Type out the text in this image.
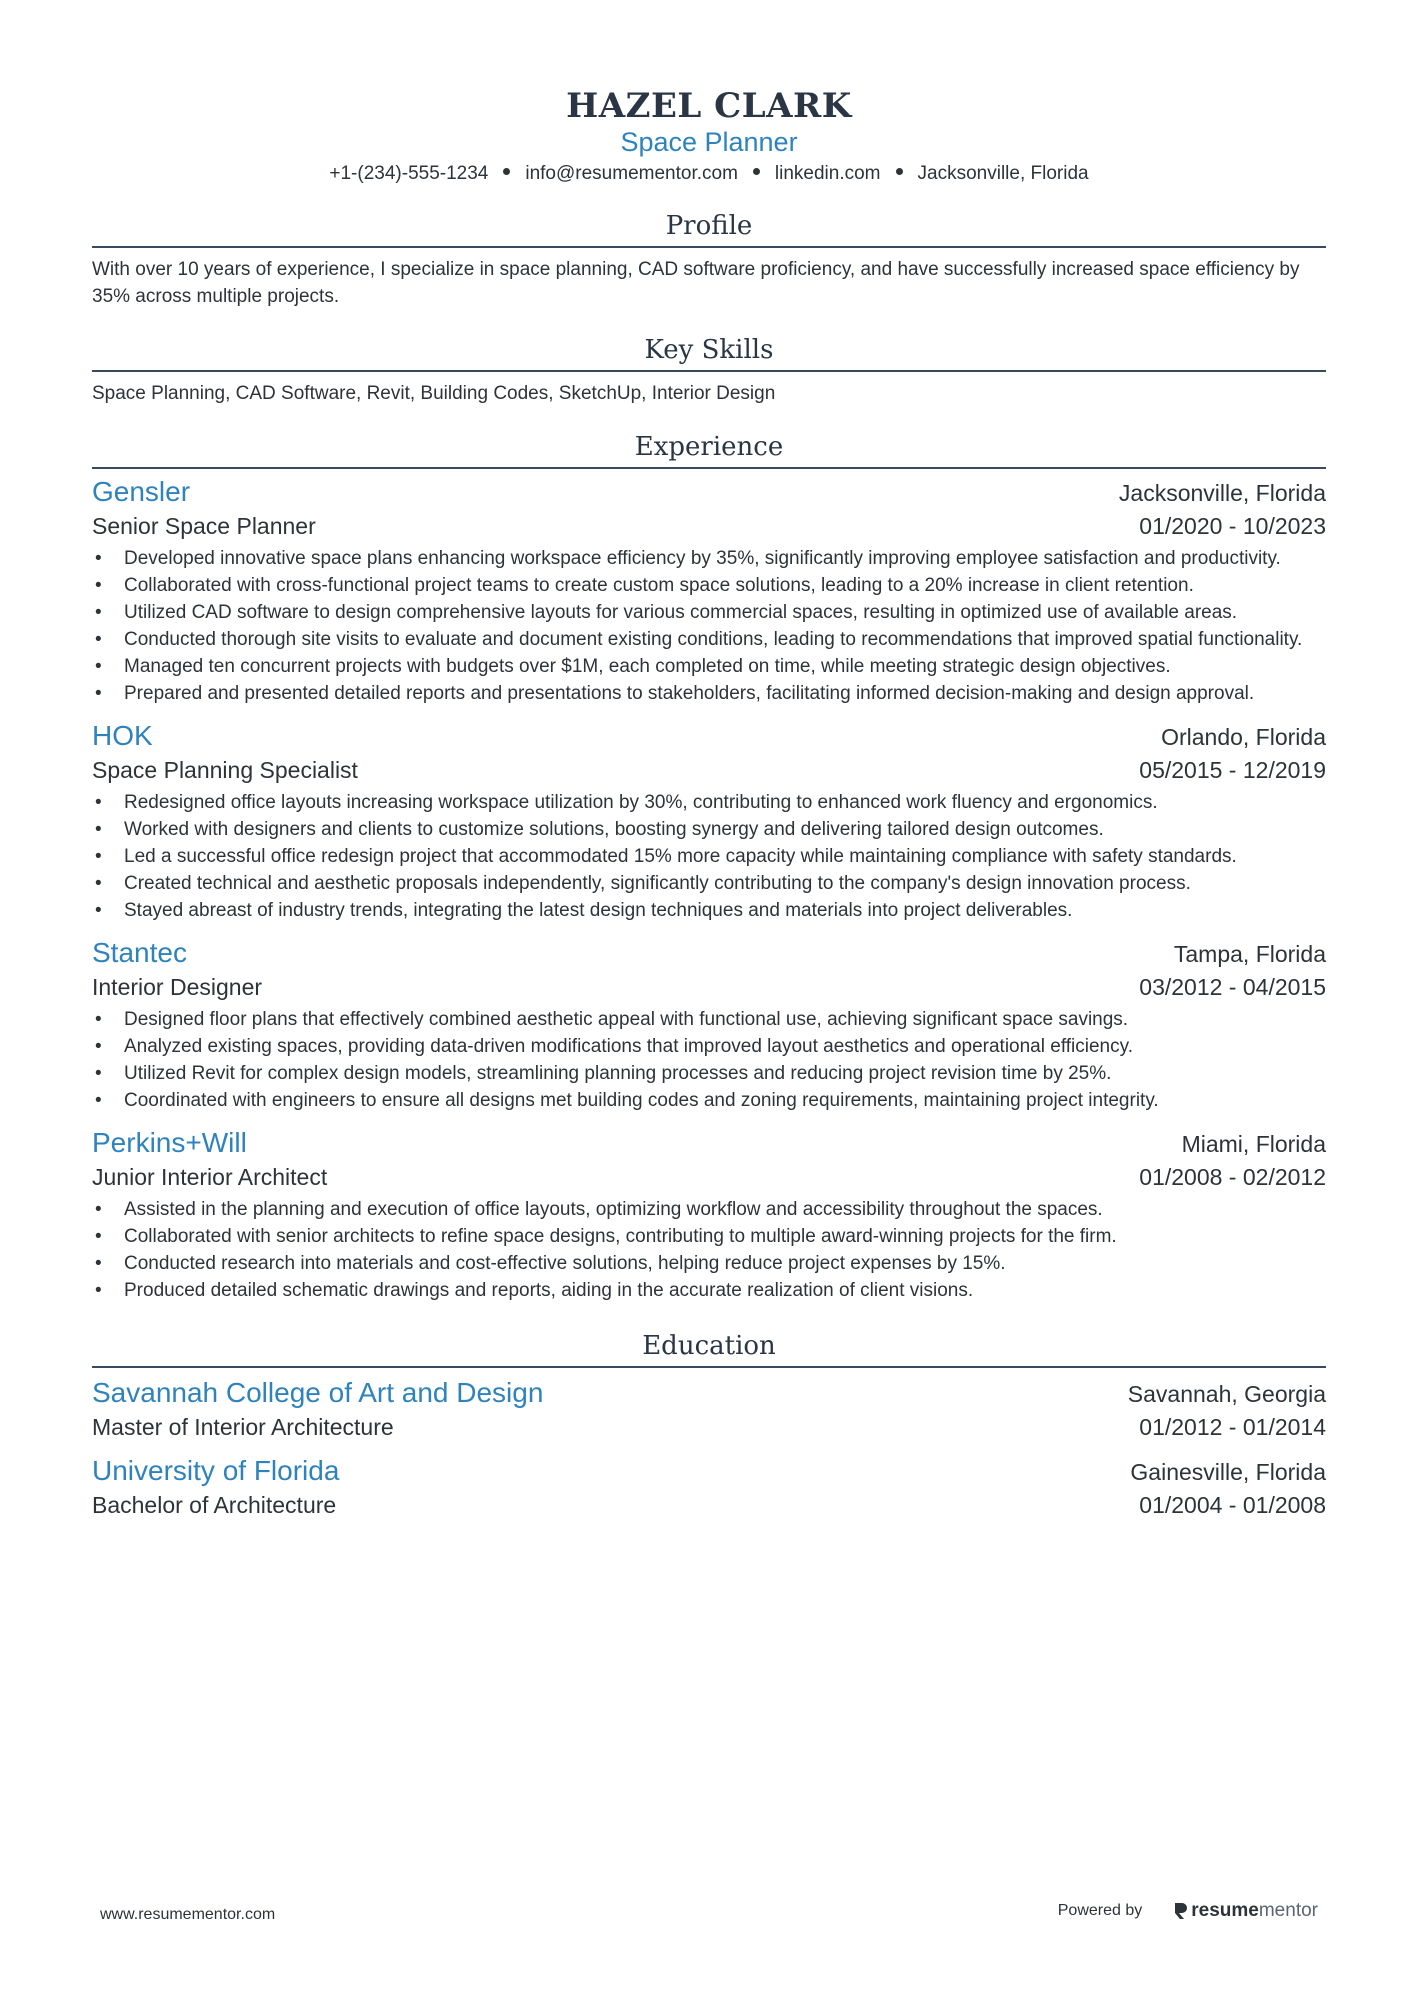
HAZEL CLARK
Space Planner
+1-(234)-555-1234 info@resumementor.com linkedin.com Jacksonville, Florida
Profile
With over 10 years of experience, I specialize in space planning, CAD software proficiency, and have successfully increased space efficiency by 35% across multiple projects.
Key Skills
Space Planning, CAD Software, Revit, Building Codes, SketchUp, Interior Design
Experience
Gensler	Jacksonville, Florida
Senior Space Planner	01/2020 - 10/2023
• Developed innovative space plans enhancing workspace efficiency by 35%, significantly improving employee satisfaction and productivity.
• Collaborated with cross-functional project teams to create custom space solutions, leading to a 20% increase in client retention.
• Utilized CAD software to design comprehensive layouts for various commercial spaces, resulting in optimized use of available areas.
• Conducted thorough site visits to evaluate and document existing conditions, leading to recommendations that improved spatial functionality.
• Managed ten concurrent projects with budgets over $1M, each completed on time, while meeting strategic design objectives.
• Prepared and presented detailed reports and presentations to stakeholders, facilitating informed decision-making and design approval.
HOK	Orlando, Florida
Space Planning Specialist	05/2015 - 12/2019
• Redesigned office layouts increasing workspace utilization by 30%, contributing to enhanced work fluency and ergonomics.
• Worked with designers and clients to customize solutions, boosting synergy and delivering tailored design outcomes.
• Led a successful office redesign project that accommodated 15% more capacity while maintaining compliance with safety standards.
• Created technical and aesthetic proposals independently, significantly contributing to the company's design innovation process.
• Stayed abreast of industry trends, integrating the latest design techniques and materials into project deliverables.
Stantec	Tampa, Florida
Interior Designer	03/2012 - 04/2015
• Designed floor plans that effectively combined aesthetic appeal with functional use, achieving significant space savings.
• Analyzed existing spaces, providing data-driven modifications that improved layout aesthetics and operational efficiency.
• Utilized Revit for complex design models, streamlining planning processes and reducing project revision time by 25%.
• Coordinated with engineers to ensure all designs met building codes and zoning requirements, maintaining project integrity.
Perkins+Will	Miami, Florida
Junior Interior Architect	01/2008 - 02/2012
• Assisted in the planning and execution of office layouts, optimizing workflow and accessibility throughout the spaces.
• Collaborated with senior architects to refine space designs, contributing to multiple award-winning projects for the firm.
• Conducted research into materials and cost-effective solutions, helping reduce project expenses by 15%.
• Produced detailed schematic drawings and reports, aiding in the accurate realization of client visions.
Education
Savannah College of Art and Design	Savannah, Georgia
Master of Interior Architecture	01/2012 - 01/2014
University of Florida	Gainesville, Florida
Bachelor of Architecture	01/2004 - 01/2008
www.resumementor.com	Powered by	resume mentor
